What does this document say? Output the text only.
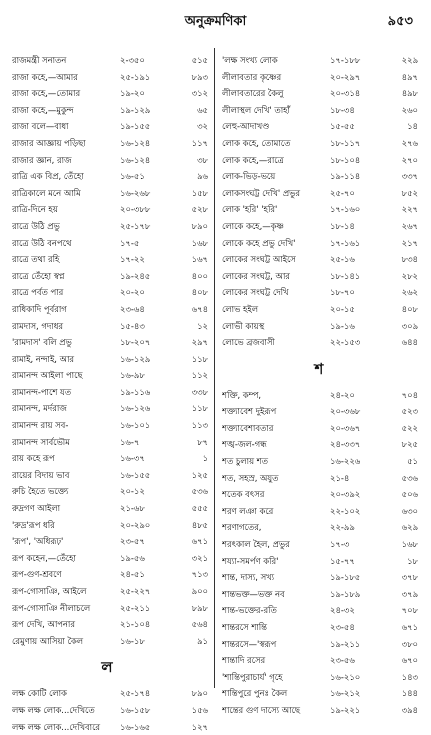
অনুক্রমণিকা	৯৫৩
রাজমন্ত্রী সনাতন	২-৩৫০	৫১৫
রাজা কহে,—আমার	২৫-১৯১	৮৯৩
রাজা কহে,—তোমার	১৯-২০	৩১২
রাজা কহে,—মুকুন্দ	১৯-১২৯	৬৫
রাজা বলে—বাধা	১৯-১৫৫	৩২
রাজার আজ্ঞায় পড়িছা	১৬-১২৪	১১৭
রাজার জ্ঞান, রাজ	১৬-১২৪	৩৮
রাত্রি এক বিপ্র, তেঁহো	১৬-৫১	৯৬
রাত্রিকালে মনে আমি	১৬-২৬৮	১৫৮
রাত্রি-দিনে হয়	২০-৩৮৮	৫২৮
রাত্রে উঠি প্রভু	২৫-১৭৮	৮৯০
রাত্রে উঠি বনপথে	১৭-৫	১৬৮
রাত্রে তথা রহি	১৭-২২	১৬৭
রাত্রে তেঁহো স্বপ্ন	১৯-২৪৫	৪০০
রাত্রে পর্বত পার	২০-২০	৪০৮
রাধিকাদি পূর্বরাগ	২৩-৬৪	৬৭৪
রামদাস, গদাধর	১৫-৪৩	১২
'রামদাস' বলি প্রভু	১৮-২০৭	২৯৭
রামাই, নন্দাই, আর	১৬-১২৯	১১৮
রামানন্দ আইলা পাছে	১৬-৯৮	১১২
রামানন্দ-পাশে যত	১৯-১১৬	৩৩৮
রামানন্দ, মর্দরাজ	১৬-১২৬	১১৮
রামানন্দ রায় সব-	১৬-১০১	১১৩
রামানন্দ সার্বভৌম	১৬-৭	৮৭
রায় কহে রূপ	১৬-৩৭	১
রায়ের বিদায় ভাব	১৬-১৫৫	১২৫
রুচি হৈতে ভক্ত্যে	২০-১২	৫৩৬
রুদ্রগণ আইলা	২১-৬৮	৫৫৫
'রুদ্র'রূপ ধরি	২০-২৯০	৪৮৫
'রূপ', 'অধিরূঢ়'	২৩-৫৭	৬৭১
রূপ কহেন,—তেঁহো	১৯-৫৬	৩২১
রূপ-গুণ-শ্রবণে	২৪-৫১	৭১৩
রূপ-গোসাঞি, আইলে	২৫-২২৭	৯০০
রূপ-গোসাঞি নীলাচলে	২৫-২১১	৮৯৮
রূপ দেখি, আপনার	২১-১০৪	৫৬৪
রেমুণায় আসিয়া কৈল	১৬-১৮	৯১
ল
লক্ষ কোটি লোক	২৫-১৭৪	৮৯০
লক্ষ লক্ষ লোক...দেখিতে	১৬-১৫৮	১৫৬
লক্ষ লক্ষ লোক...দেখিবারে	১৬-১৬৫	১২৭
'লক্ষ সংখ্য লোক	১৭-১৮৮	২২৯
লীলাবতার কৃষ্ণের	২০-২৯৭	৪৯৭
লীলাবতারের কৈলু	২০-৩১৪	৪৯৮
লীলাস্থল দেখি' তাহাঁ	১৮-৩৪	২৬০
লেহু-আদাখণ্ড	১৫-৫৫	১৪
লোক কহে, তোমাতে	১৮-১১৭	২৭৬
লোক কহে,—রাত্রে	১৮-১০৪	২৭০
লোক-ভিড়-ভয়ে	১৯-১১৪	৩৩৭
লোকসংঘট্ট দেখি' প্রভুর	২৫-৭০	৮৫২
লোক 'হরি' 'হরি'	১৭-১৬০	২২৭
লোকে কহে,—কৃষ্ণ	১৮-১৪	২৬৭
লোকে কহে প্রভু দেখি'	১৭-১৬১	২১৭
লোকের সংঘট্ট আইসে	২৫-১৬	৮৩৪
লোকের সংঘট্ট, আর	১৮-১৪১	২৮২
লোকের সংঘট্ট দেখি	১৮-৭০	২৬২
লোভ হইল	২০-১৫	৪০৮
লোভী কায়স্থ	১৯-১৬	৩০৯
লোভে ব্রজবাসী	২২-১৫৩	৬৪৪
শ
শক্তি, কম্প,	২৪-২০	৭০৪
শক্ত্যাবেশ দুইরূপ	২০-৩৬৮	৫২৩
শক্ত্যাবেশাবতার	২০-৩৬৭	৫২২
শঙ্খ-জল-গন্ধ	২৪-৩৩৭	৮২৫
শত চুলায় শত	১৬-২২৬	৫১
শত, সহস্র, অযুত	২১-৪	৫৩৬
শতেক বৎসর	২০-৩৯২	৫০৬
শরণ লঞা করে	২২-১০২	৬৩০
শরণাগতের,	২২-৯৯	৬২৯
শরৎকাল হৈল, প্রভুর	১৭-৩	১৬৮
শয্যা-সমর্পণ করি'	১৫-৭৭	১৮
শান্ত, দাস্য, সখ্য	১৯-১৮৫	৩৭৮
শান্তভক্ত—ভক্ত নব	১৯-১৮৯	৩৭৯
শান্ত-ভক্তের-রতি	২৪-৩২	৭০৮
শান্তরসে শান্তি	২৩-৫৪	৬৭১
শান্তরসে—'স্বরূপ	১৯-২১১	৩৮০
শান্তাদি রসের	২৩-৫৬	৬৭০
'শান্তিপুরাচার্য' গৃহে	১৬-২১০	১৪৩
শান্তিপুরে পুনঃ কৈল	১৬-২১২	১৪৪
শান্তের গুণ দাস্যে আছে	১৯-২২১	৩৯৪
